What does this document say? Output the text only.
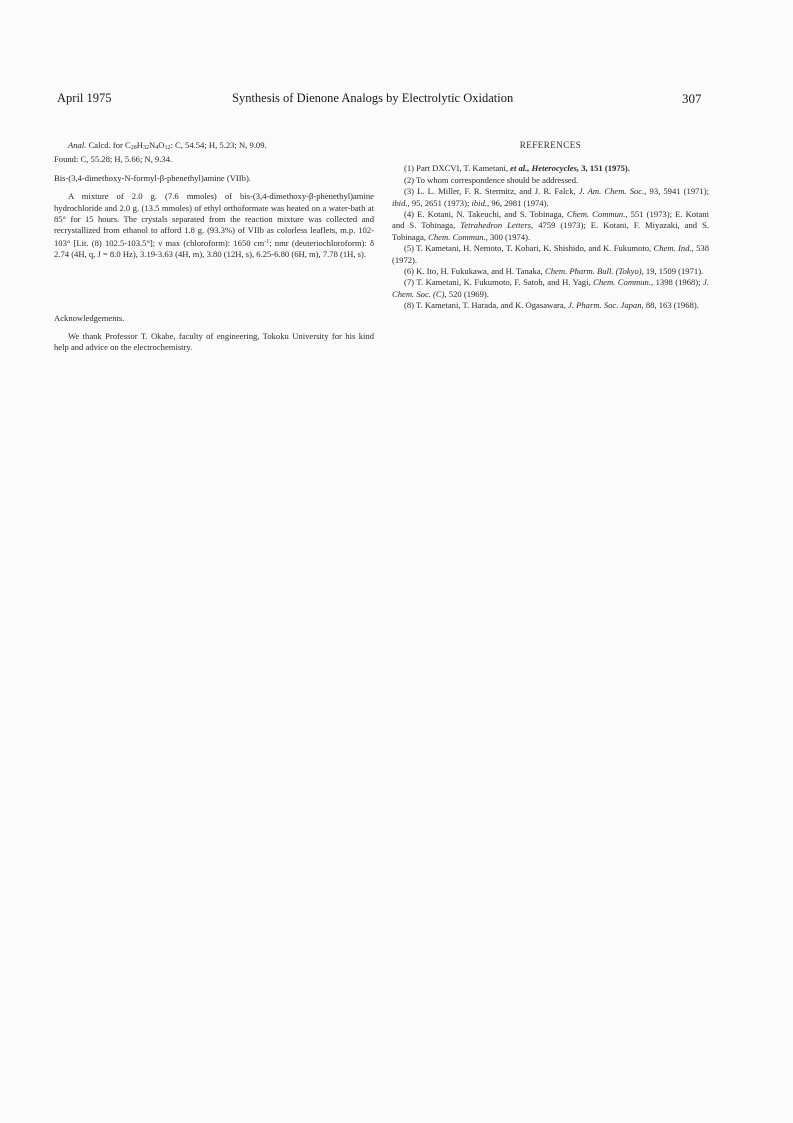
April 1975	Synthesis of Dienone Analogs by Electrolytic Oxidation	307

Anal. Calcd. for C28H32N4O12: C, 54.54; H, 5.23; N, 9.09.

Found: C, 55.28; H, 5.66; N, 9.34.

Bis-(3,4-dimethoxy-N-formyl-β-phenethyl)amine (VIIb).

A mixture of 2.0 g. (7.6 mmoles) of bis-(3,4-dimethoxy-β-phenethyl)amine hydrochloride and 2.0 g. (13.5 mmoles) of ethyl orthoformate was heated on a water-bath at 85° for 15 hours. The crystals separated from the reaction mixture was collected and recrystallized from ethanol to afford 1.8 g. (93.3%) of VIIb as colorless leaflets, m.p. 102-103° [Lit. (8) 102.5-103.5°]; ν max (chloroform): 1650 $cm^{-1}$; nmr (deuteriochloroform): δ 2.74 (4H, q, J = 8.0 Hz), 3.19-3.63 (4H, m), 3.80 (12H, s), 6.25-6.80 (6H, m), 7.78 (1H, s).

Acknowledgements.

We thank Professor T. Okabe, faculty of engineering, Tokoku University for his kind help and advice on the electrochemistry.

REFERENCES

(1) Part DXCVI, T. Kametani, et al., Heterocycles, 3, 151 (1975).

(2) To whom correspondence should be addressed.

(3) L. L. Miller, F. R. Stermitz, and J. R. Falck, J. Am. Chem. Soc., 93, 5941 (1971); ibid., 95, 2651 (1973); ibid., 96, 2981 (1974).

(4) E. Kotani, N. Takeuchi, and S. Tobinaga, Chem. Commun., 551 (1973); E. Kotani and S. Tobinaga, Tetrahedron Letters, 4759 (1973); E. Kotani, F. Miyazaki, and S. Tobinaga, Chem. Commun., 300 (1974).

(5) T. Kametani, H. Nemoto, T. Kobari, K. Shishido, and K. Fukumoto, Chem. Ind., 538 (1972).

(6) K. Ito, H. Fukukawa, and H. Tanaka, Chem. Pharm. Bull. (Tokyo), 19, 1509 (1971).

(7) T. Kametani, K. Fukumoto, F. Satoh, and H. Yagi, Chem. Commun., 1398 (1968); J. Chem. Soc. (C), 520 (1969).

(8) T. Kametani, T. Harada, and K. Ogasawara, J. Pharm. Soc. Japan, 88, 163 (1968).
